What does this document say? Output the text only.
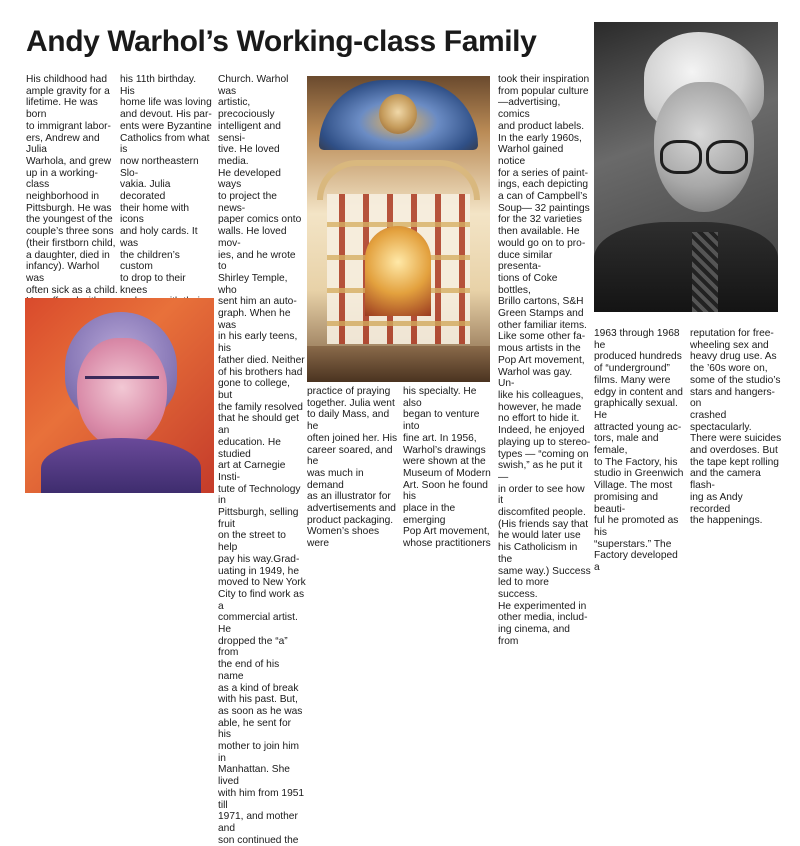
Andy Warhol’s Working-class Family
His childhood had
ample gravity for a
lifetime. He was born
to immigrant labor-
ers, Andrew and Julia
Warhola, and grew
up in a working-class
neighborhood in
Pittsburgh. He was
the youngest of the
couple’s three sons
(their firstborn child,
a daughter, died in
infancy). Warhol was
often sick as a child.

his 11th birthday. His
home life was loving
and devout. His par-
ents were Byzantine
Catholics from what is
now northeastern Slo-
vakia. Julia decorated
their home with icons
and holy cards. It was
the children’s custom
to drop to their knees

Church. Warhol was
artistic, precociously
intelligent and sensi-
tive. He loved media.
He developed ways
to project the news-
paper comics onto
walls. He loved mov-
ies, and he wrote to
Shirley Temple, who
sent him an auto-
graph. When he was
in his early teens, his
father died. Neither
of his brothers had
gone to college, but
the family resolved
that he should get an
education. He studied
art at Carnegie Insti-
tute of Technology in
Pittsburgh, selling fruit
on the street to help
pay his way.Grad-
uating in 1949, he
moved to New York
City to find work as a
commercial artist. He
dropped the “a” from
the end of his name
as a kind of break
with his past. But,
as soon as he was
able, he sent for his
mother to join him in
Manhattan. She lived
with him from 1951 till
1971, and mother and
son continued the
practice of praying
together. Julia went
to daily Mass, and he
often joined her. His
career soared, and he
was much in demand
as an illustrator for
advertisements and
product packaging.
Women’s shoes were
his specialty. He also
began to venture into
fine art. In 1956,
Warhol’s drawings
were shown at the
Museum of Modern
Art. Soon he found his
place in the emerging
Pop Art movement,
whose practitioners
took their inspiration
from popular culture
—advertising, comics
and product labels.
In the early 1960s,
Warhol gained notice
for a series of paint-
ings, each depicting
a can of Campbell’s
Soup— 32 paintings
for the 32 varieties
then available. He
would go on to pro-
duce similar presenta-
tions of Coke bottles,
Brillo cartons, S&H
Green Stamps and
other familiar items.
Like some other fa-
mous artists in the
Pop Art movement,
Warhol was gay. Un-
like his colleagues,
however, he made
no effort to hide it.
Indeed, he enjoyed
playing up to stereo-
types — “coming on
swish,” as he put it —
in order to see how it
discomfited people.
(His friends say that
he would later use
his Catholicism in the
same way.) Success
led to more success.
He experimented in
other media, includ-
ing cinema, and from
1963 through 1968 he
produced hundreds
of “underground”
films. Many were
edgy in content and
graphically sexual. He
attracted young ac-
tors, male and female,
to The Factory, his
studio in Greenwich
Village. The most
promising and beauti-
ful he promoted as his
“superstars.” The
Factory developed a
reputation for free-
wheeling sex and
heavy drug use. As
the ’60s wore on,
some of the studio’s
stars and hangers-on
crashed spectacularly.
There were suicides
and overdoses. But
the tape kept rolling
and the camera flash-
ing as Andy recorded
the happenings.
